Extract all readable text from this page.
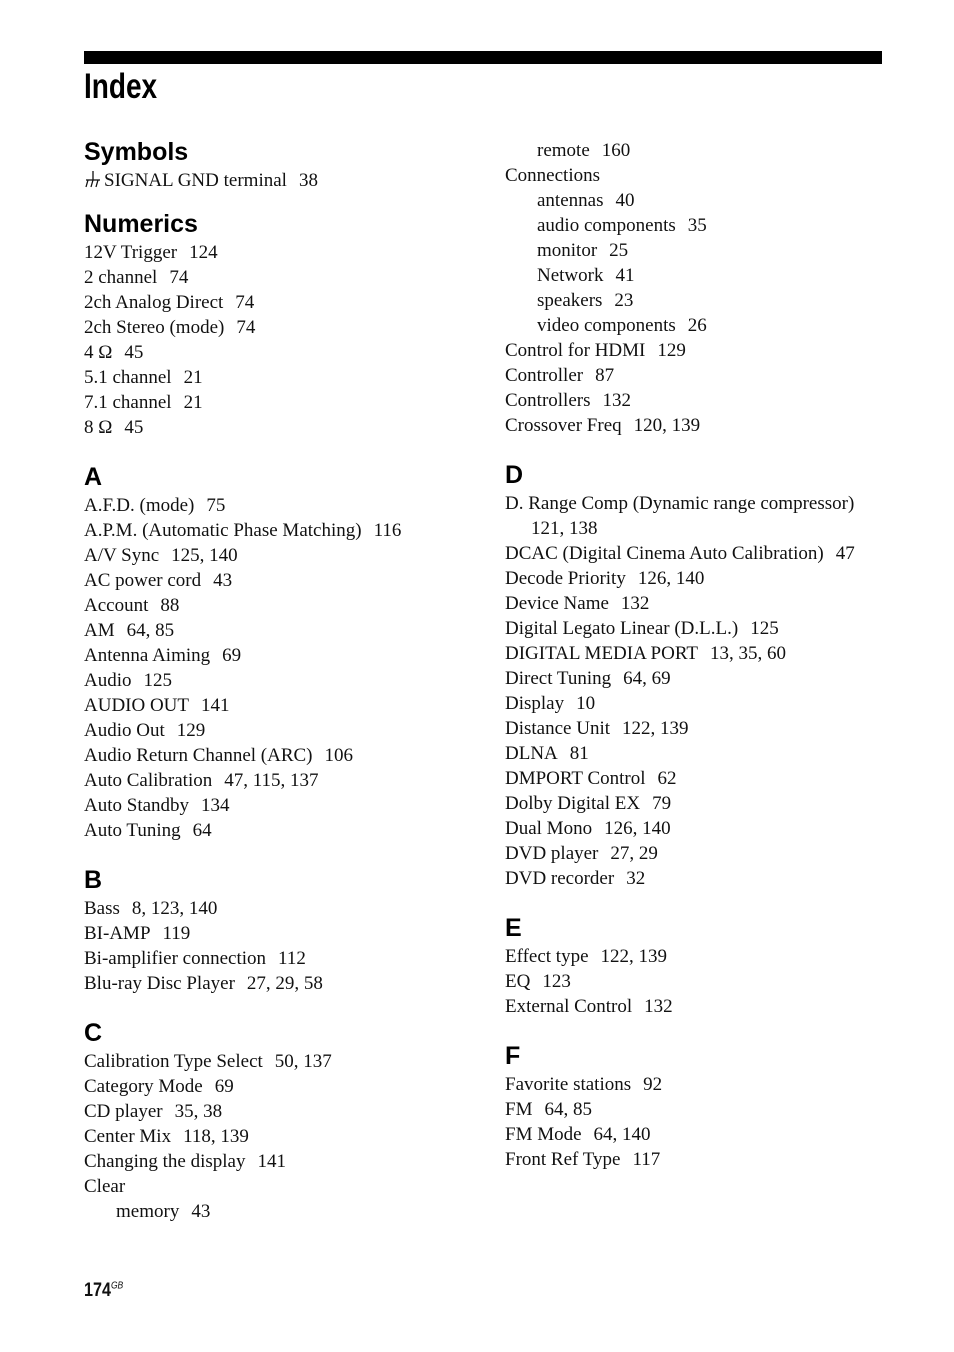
Index
Symbols
SIGNAL GND terminal 38
Numerics
12V Trigger 124
2 channel 74
2ch Analog Direct 74
2ch Stereo (mode) 74
4 Ω 45
5.1 channel 21
7.1 channel 21
8 Ω 45
A
A.F.D. (mode) 75
A.P.M. (Automatic Phase Matching) 116
A/V Sync 125, 140
AC power cord 43
Account 88
AM 64, 85
Antenna Aiming 69
Audio 125
AUDIO OUT 141
Audio Out 129
Audio Return Channel (ARC) 106
Auto Calibration 47, 115, 137
Auto Standby 134
Auto Tuning 64
B
Bass 8, 123, 140
BI-AMP 119
Bi-amplifier connection 112
Blu-ray Disc Player 27, 29, 58
C
Calibration Type Select 50, 137
Category Mode 69
CD player 35, 38
Center Mix 118, 139
Changing the display 141
Clear
memory 43
remote 160
Connections
antennas 40
audio components 35
monitor 25
Network 41
speakers 23
video components 26
Control for HDMI 129
Controller 87
Controllers 132
Crossover Freq 120, 139
D
D. Range Comp (Dynamic range compressor)
121, 138
DCAC (Digital Cinema Auto Calibration) 47
Decode Priority 126, 140
Device Name 132
Digital Legato Linear (D.L.L.) 125
DIGITAL MEDIA PORT 13, 35, 60
Direct Tuning 64, 69
Display 10
Distance Unit 122, 139
DLNA 81
DMPORT Control 62
Dolby Digital EX 79
Dual Mono 126, 140
DVD player 27, 29
DVD recorder 32
E
Effect type 122, 139
EQ 123
External Control 132
F
Favorite stations 92
FM 64, 85
FM Mode 64, 140
Front Ref Type 117
$174^{GB}$
